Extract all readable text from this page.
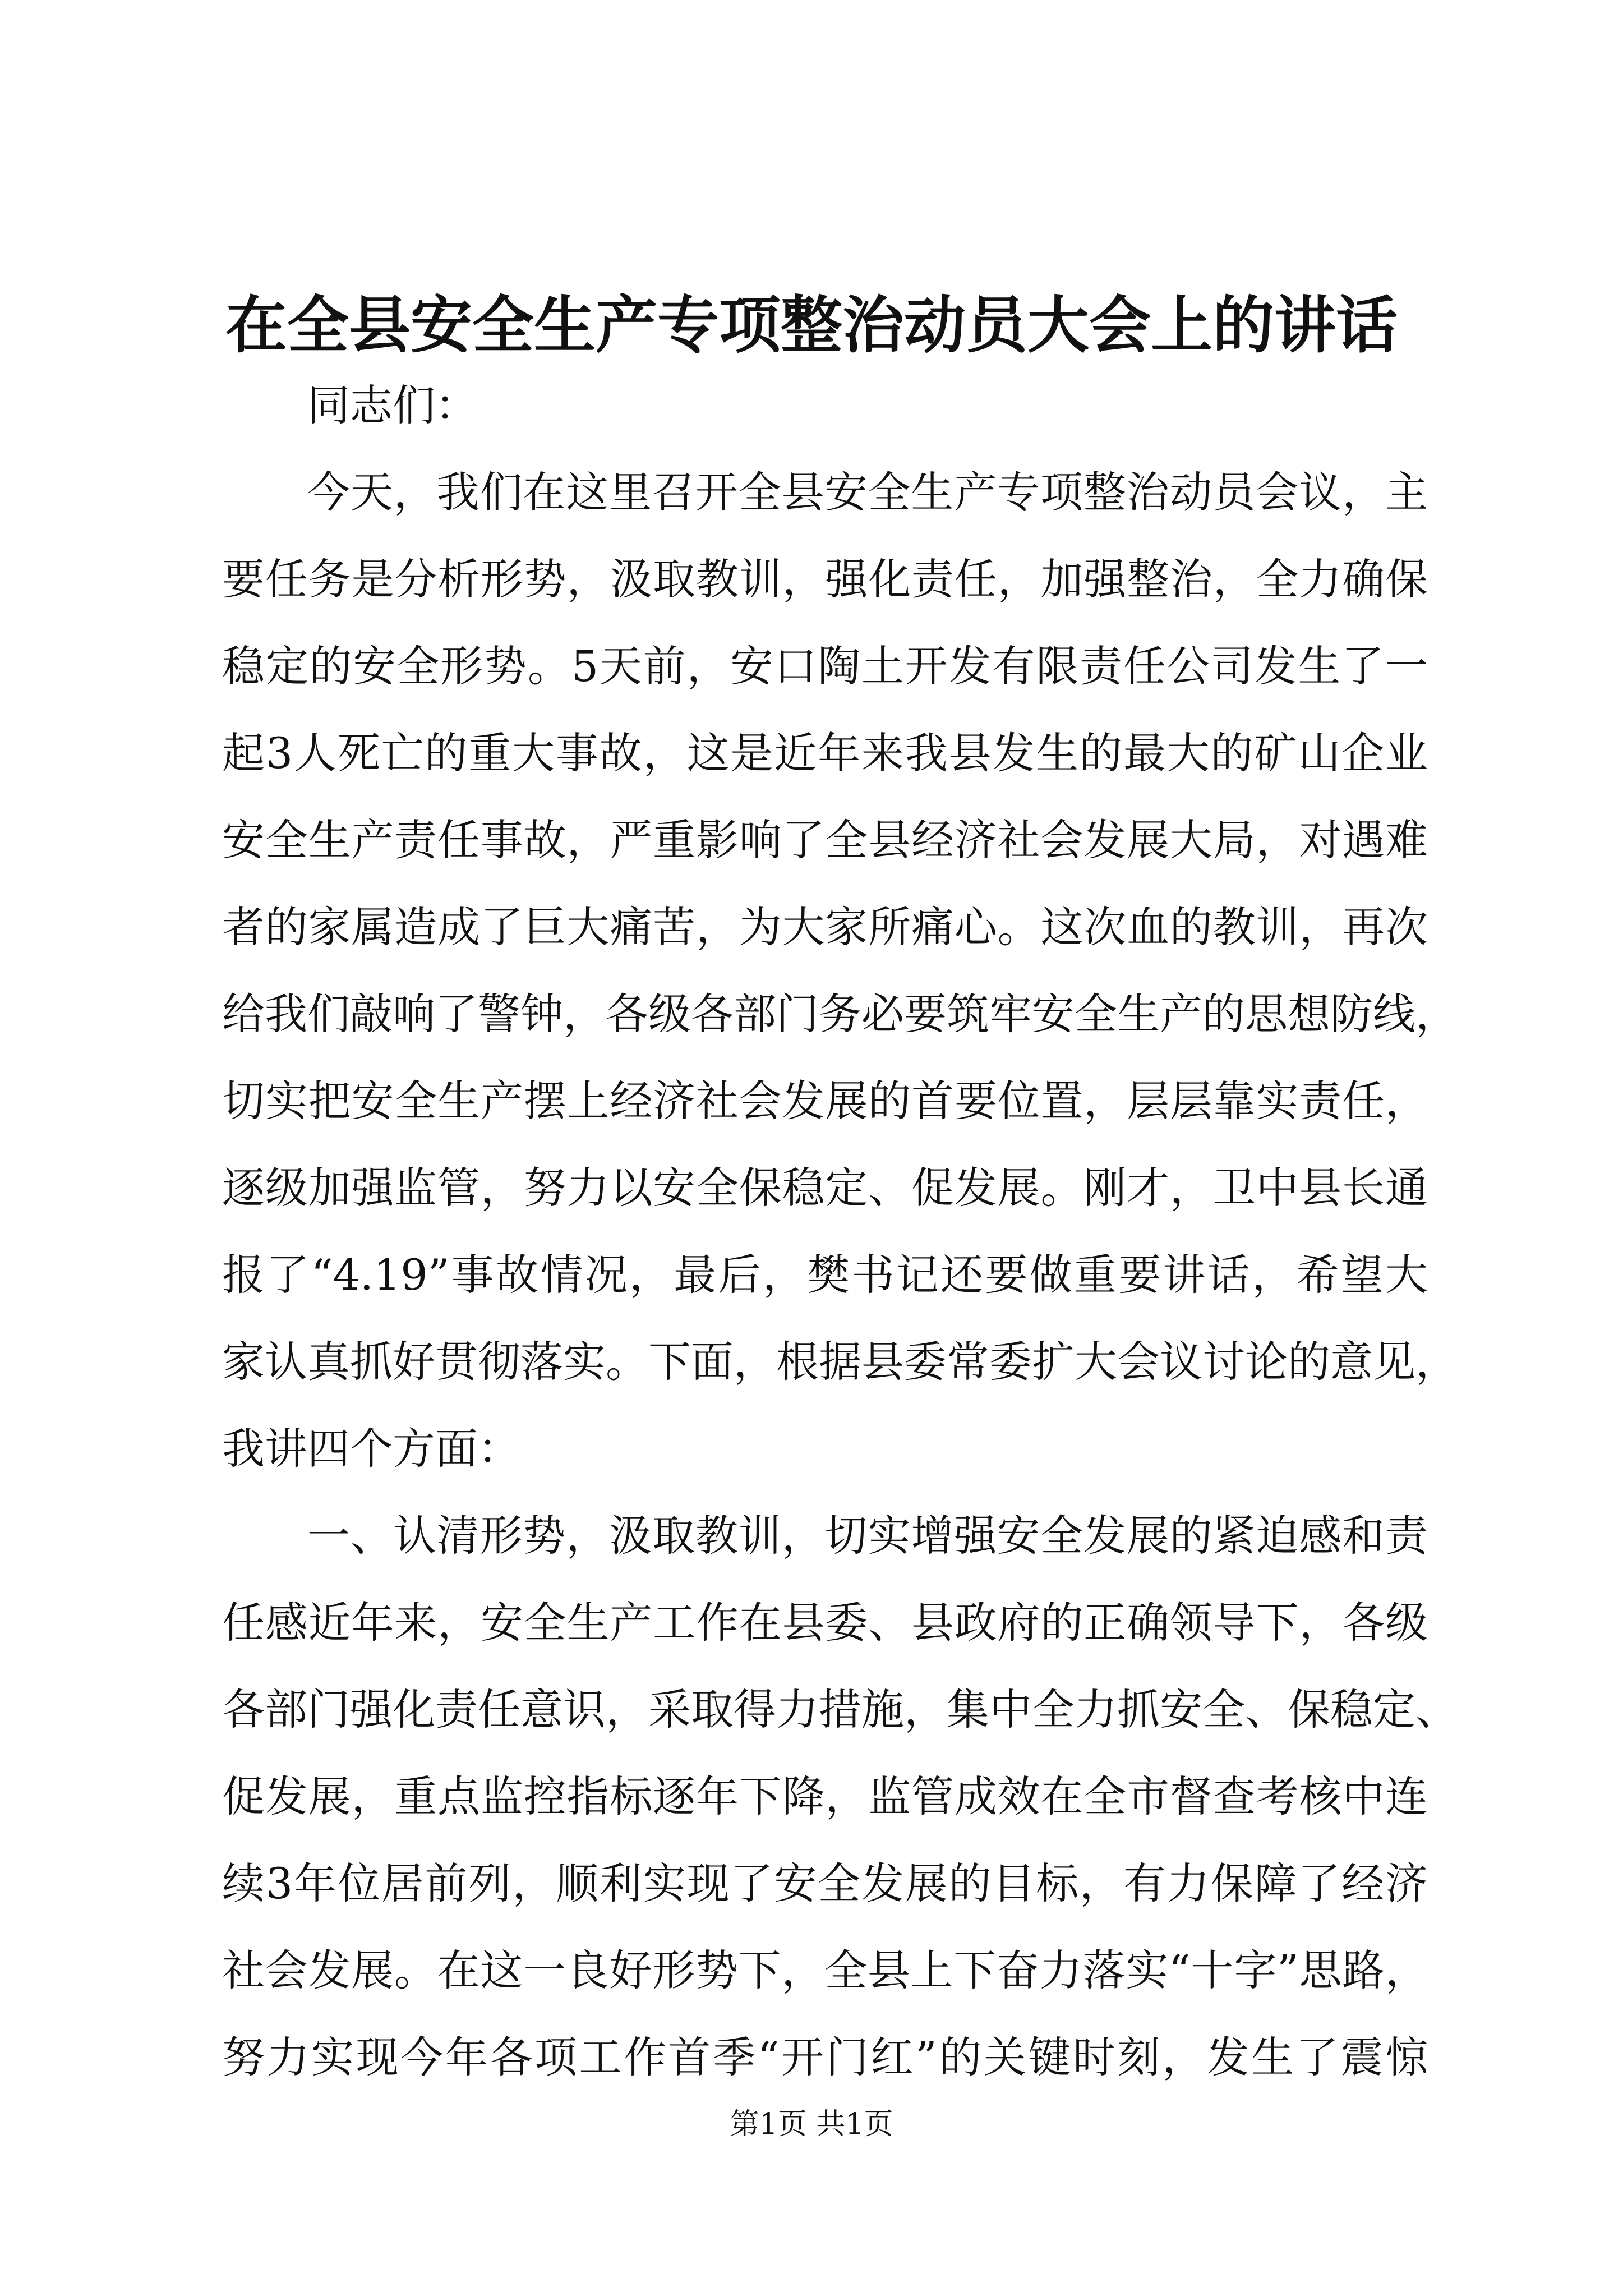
在全县安全生产专项整治动员大会上的讲话
同志们：
今天，我们在这里召开全县安全生产专项整治动员会议，主
要任务是分析形势，汲取教训，强化责任，加强整治，全力确保
稳定的安全形势。5天前，安口陶土开发有限责任公司发生了一
起3人死亡的重大事故，这是近年来我县发生的最大的矿山企业
安全生产责任事故，严重影响了全县经济社会发展大局，对遇难
者的家属造成了巨大痛苦，为大家所痛心。这次血的教训，再次
给我们敲响了警钟，各级各部门务必要筑牢安全生产的思想防线，
切实把安全生产摆上经济社会发展的首要位置，层层靠实责任，
逐级加强监管，努力以安全保稳定、促发展。刚才，卫中县长通
报了“4.19”事故情况，最后，樊书记还要做重要讲话，希望大
家认真抓好贯彻落实。下面，根据县委常委扩大会议讨论的意见，
我讲四个方面：
一、认清形势，汲取教训，切实增强安全发展的紧迫感和责
任感近年来，安全生产工作在县委、县政府的正确领导下，各级
各部门强化责任意识，采取得力措施，集中全力抓安全、保稳定、
促发展，重点监控指标逐年下降，监管成效在全市督查考核中连
续3年位居前列，顺利实现了安全发展的目标，有力保障了经济
社会发展。在这一良好形势下，全县上下奋力落实“十字”思路，
努力实现今年各项工作首季“开门红”的关键时刻，发生了震惊
第1页 共1页
